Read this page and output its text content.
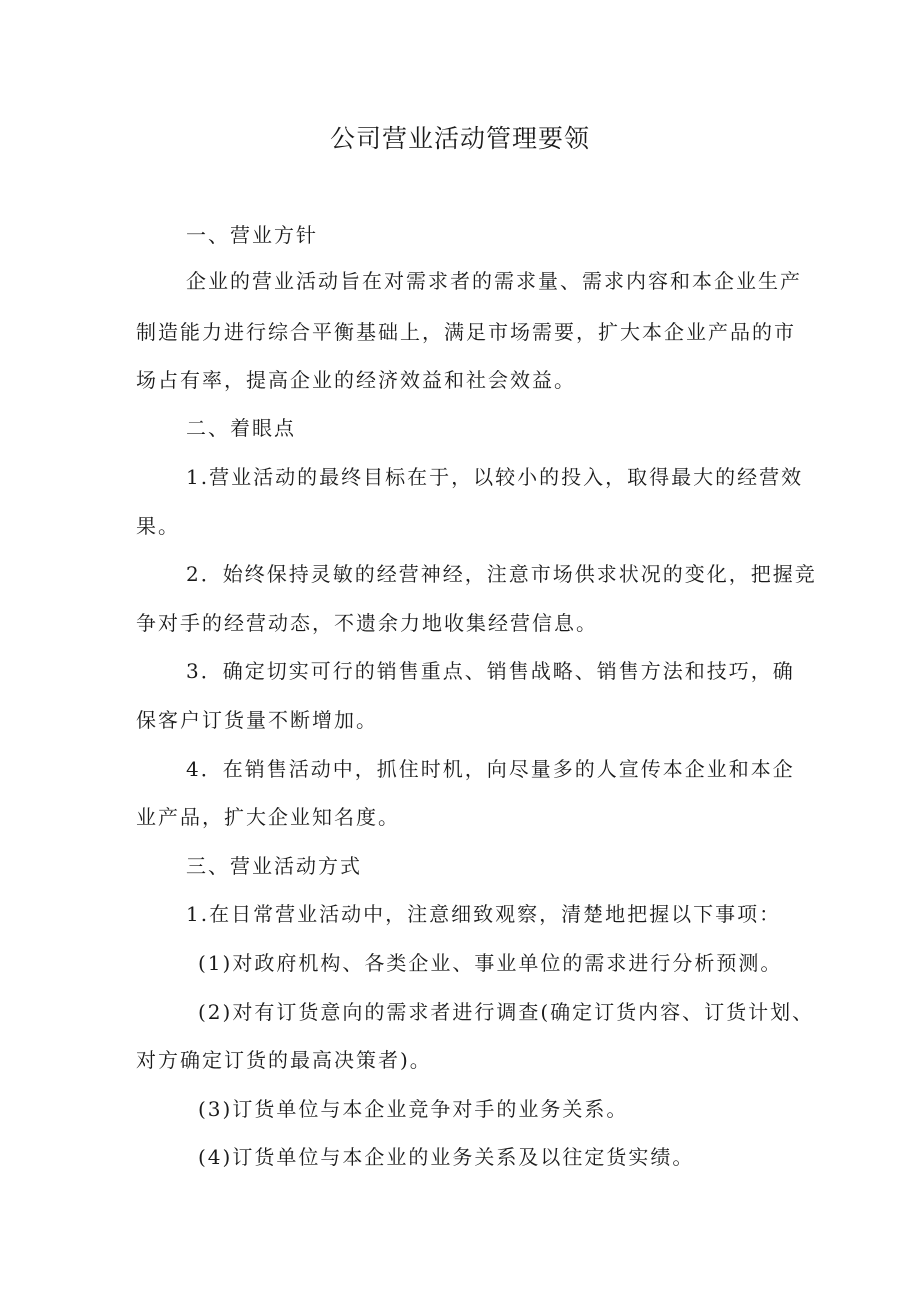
公司营业活动管理要领

一、营业方针

企业的营业活动旨在对需求者的需求量、需求内容和本企业生产

制造能力进行综合平衡基础上，满足市场需要，扩大本企业产品的市

场占有率，提高企业的经济效益和社会效益。

二、着眼点

1.营业活动的最终目标在于，以较小的投入，取得最大的经营效

果。

2．始终保持灵敏的经营神经，注意市场供求状况的变化，把握竞

争对手的经营动态，不遗余力地收集经营信息。

3．确定切实可行的销售重点、销售战略、销售方法和技巧，确

保客户订货量不断增加。

4．在销售活动中，抓住时机，向尽量多的人宣传本企业和本企

业产品，扩大企业知名度。

三、营业活动方式

1.在日常营业活动中，注意细致观察，清楚地把握以下事项：

(1)对政府机构、各类企业、事业单位的需求进行分析预测。

(2)对有订货意向的需求者进行调查(确定订货内容、订货计划、

对方确定订货的最高决策者)。

(3)订货单位与本企业竞争对手的业务关系。

(4)订货单位与本企业的业务关系及以往定货实绩。
